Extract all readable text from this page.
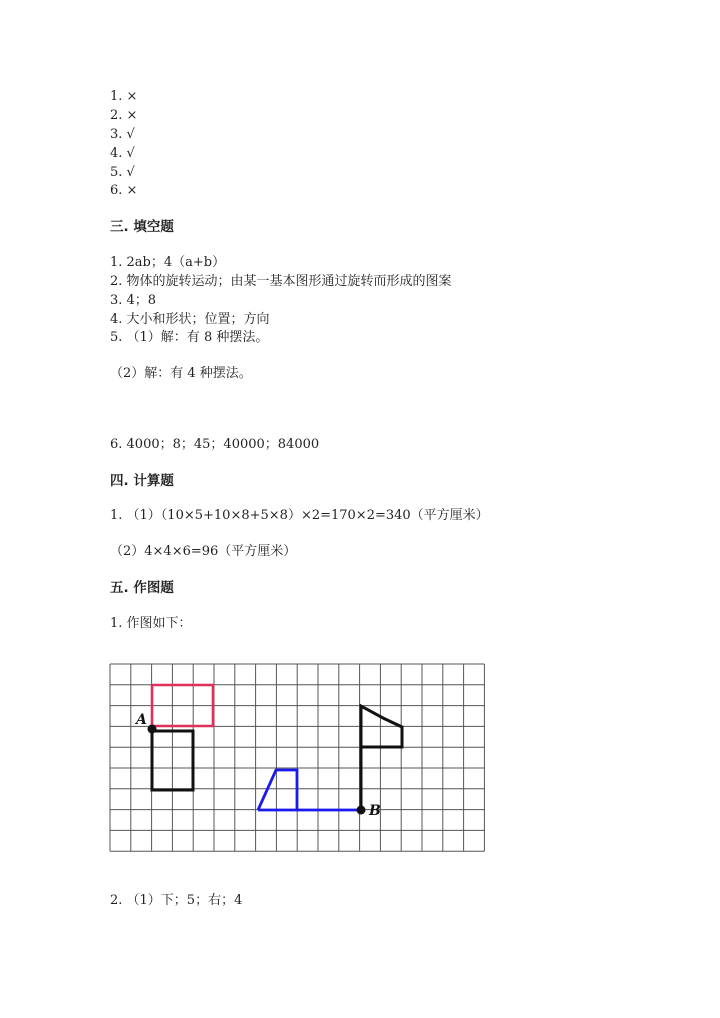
1. ×
2. ×
3. √
4. √
5. √
6. ×
三. 填空题
1. 2ab；4（a+b）
2. 物体的旋转运动；由某一基本图形通过旋转而形成的图案
3. 4；8
4. 大小和形状；位置；方向
5. （1）解：有 8 种摆法。
（2）解：有 4 种摆法。
6. 4000；8；45；40000；84000
四. 计算题
1. （1）（10×5+10×8+5×8）×2=170×2=340（平方厘米）
（2）4×4×6=96（平方厘米）
五. 作图题
1. 作图如下：
A
B
2. （1）下；5；右；4
